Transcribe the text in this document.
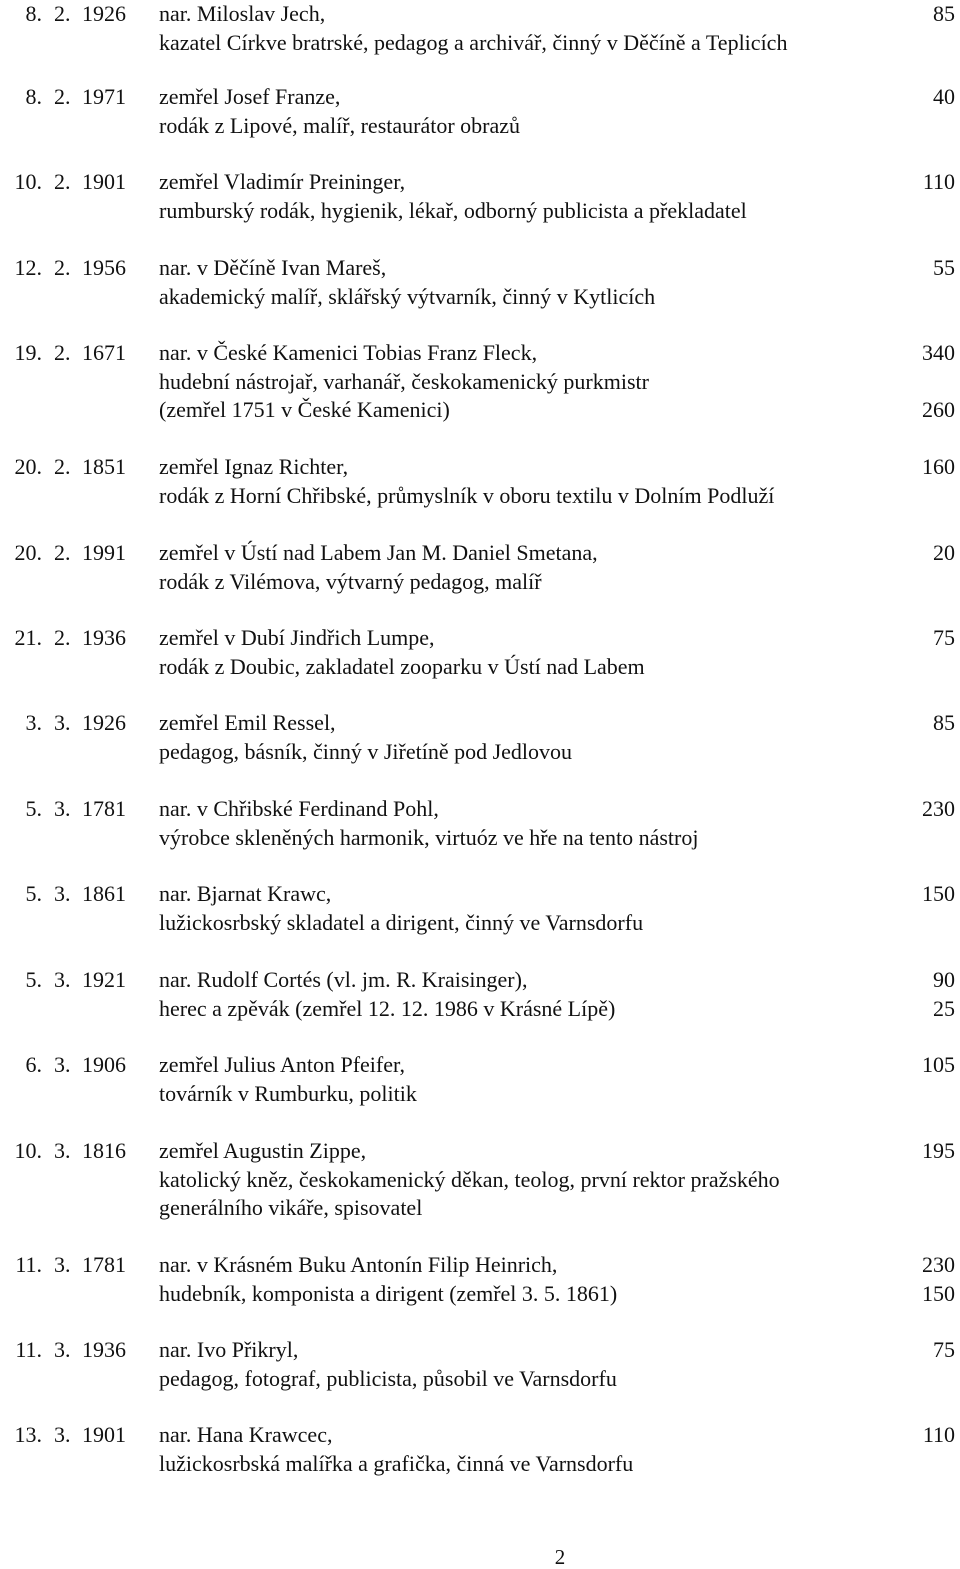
8. 2. 1926 nar. Miloslav Jech,	85
kazatel Církve bratrské, pedagog a archivář, činný v Děčíně a Teplicích
8. 2. 1971 zemřel Josef Franze,	40
rodák z Lipové, malíř, restaurátor obrazů
10. 2. 1901 zemřel Vladimír Preininger,	110
rumburský rodák, hygienik, lékař, odborný publicista a překladatel
12. 2. 1956 nar. v Děčíně Ivan Mareš,	55
akademický malíř, sklářský výtvarník, činný v Kytlicích
19. 2. 1671 nar. v České Kamenici Tobias Franz Fleck,	340
hudební nástrojař, varhanář, českokamenický purkmistr
(zemřel 1751 v České Kamenici)	260
20. 2. 1851 zemřel Ignaz Richter,	160
rodák z Horní Chřibské, průmyslník v oboru textilu v Dolním Podluží
20. 2. 1991 zemřel v Ústí nad Labem Jan M. Daniel Smetana,	20
rodák z Vilémova, výtvarný pedagog, malíř
21. 2. 1936 zemřel v Dubí Jindřich Lumpe,	75
rodák z Doubic, zakladatel zooparku v Ústí nad Labem
3. 3. 1926 zemřel Emil Ressel,	85
pedagog, básník, činný v Jiřetíně pod Jedlovou
5. 3. 1781 nar. v Chřibské Ferdinand Pohl,	230
výrobce skleněných harmonik, virtuóz ve hře na tento nástroj
5. 3. 1861 nar. Bjarnat Krawc,	150
lužickosrbský skladatel a dirigent, činný ve Varnsdorfu
5. 3. 1921 nar. Rudolf Cortés (vl. jm. R. Kraisinger),	90
herec a zpěvák (zemřel 12. 12. 1986 v Krásné Lípě)	25
6. 3. 1906 zemřel Julius Anton Pfeifer,	105
továrník v Rumburku, politik
10. 3. 1816 zemřel Augustin Zippe,	195
katolický kněz, českokamenický děkan, teolog, první rektor pražského
generálního vikáře, spisovatel
11. 3. 1781 nar. v Krásném Buku Antonín Filip Heinrich,	230
hudebník, komponista a dirigent (zemřel 3. 5. 1861)	150
11. 3. 1936 nar. Ivo Přikryl,	75
pedagog, fotograf, publicista, působil ve Varnsdorfu
13. 3. 1901 nar. Hana Krawcec,	110
lužickosrbská malířka a grafička, činná ve Varnsdorfu
2
